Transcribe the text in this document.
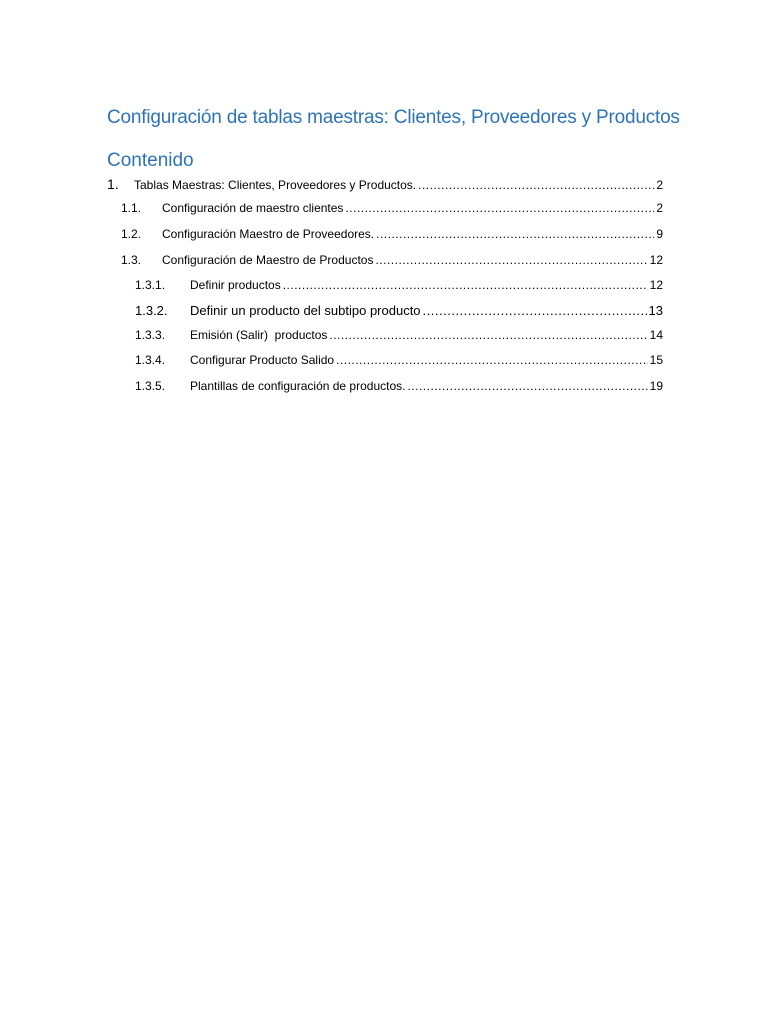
Configuración de tablas maestras: Clientes, Proveedores y Productos
Contenido
1.	Tablas Maestras: Clientes, Proveedores y Productos. .....	2
1.1.	Configuración de maestro clientes .....	2
1.2.	Configuración Maestro de Proveedores. .....	9
1.3.	Configuración de Maestro de Productos .....	12
1.3.1.	Definir productos .....	12
1.3.2.	Definir un producto del subtipo producto .....	13
1.3.3.	Emisión (Salir)  productos .....	14
1.3.4.	Configurar Producto Salido .....	15
1.3.5.	Plantillas de configuración de productos. .....	19
